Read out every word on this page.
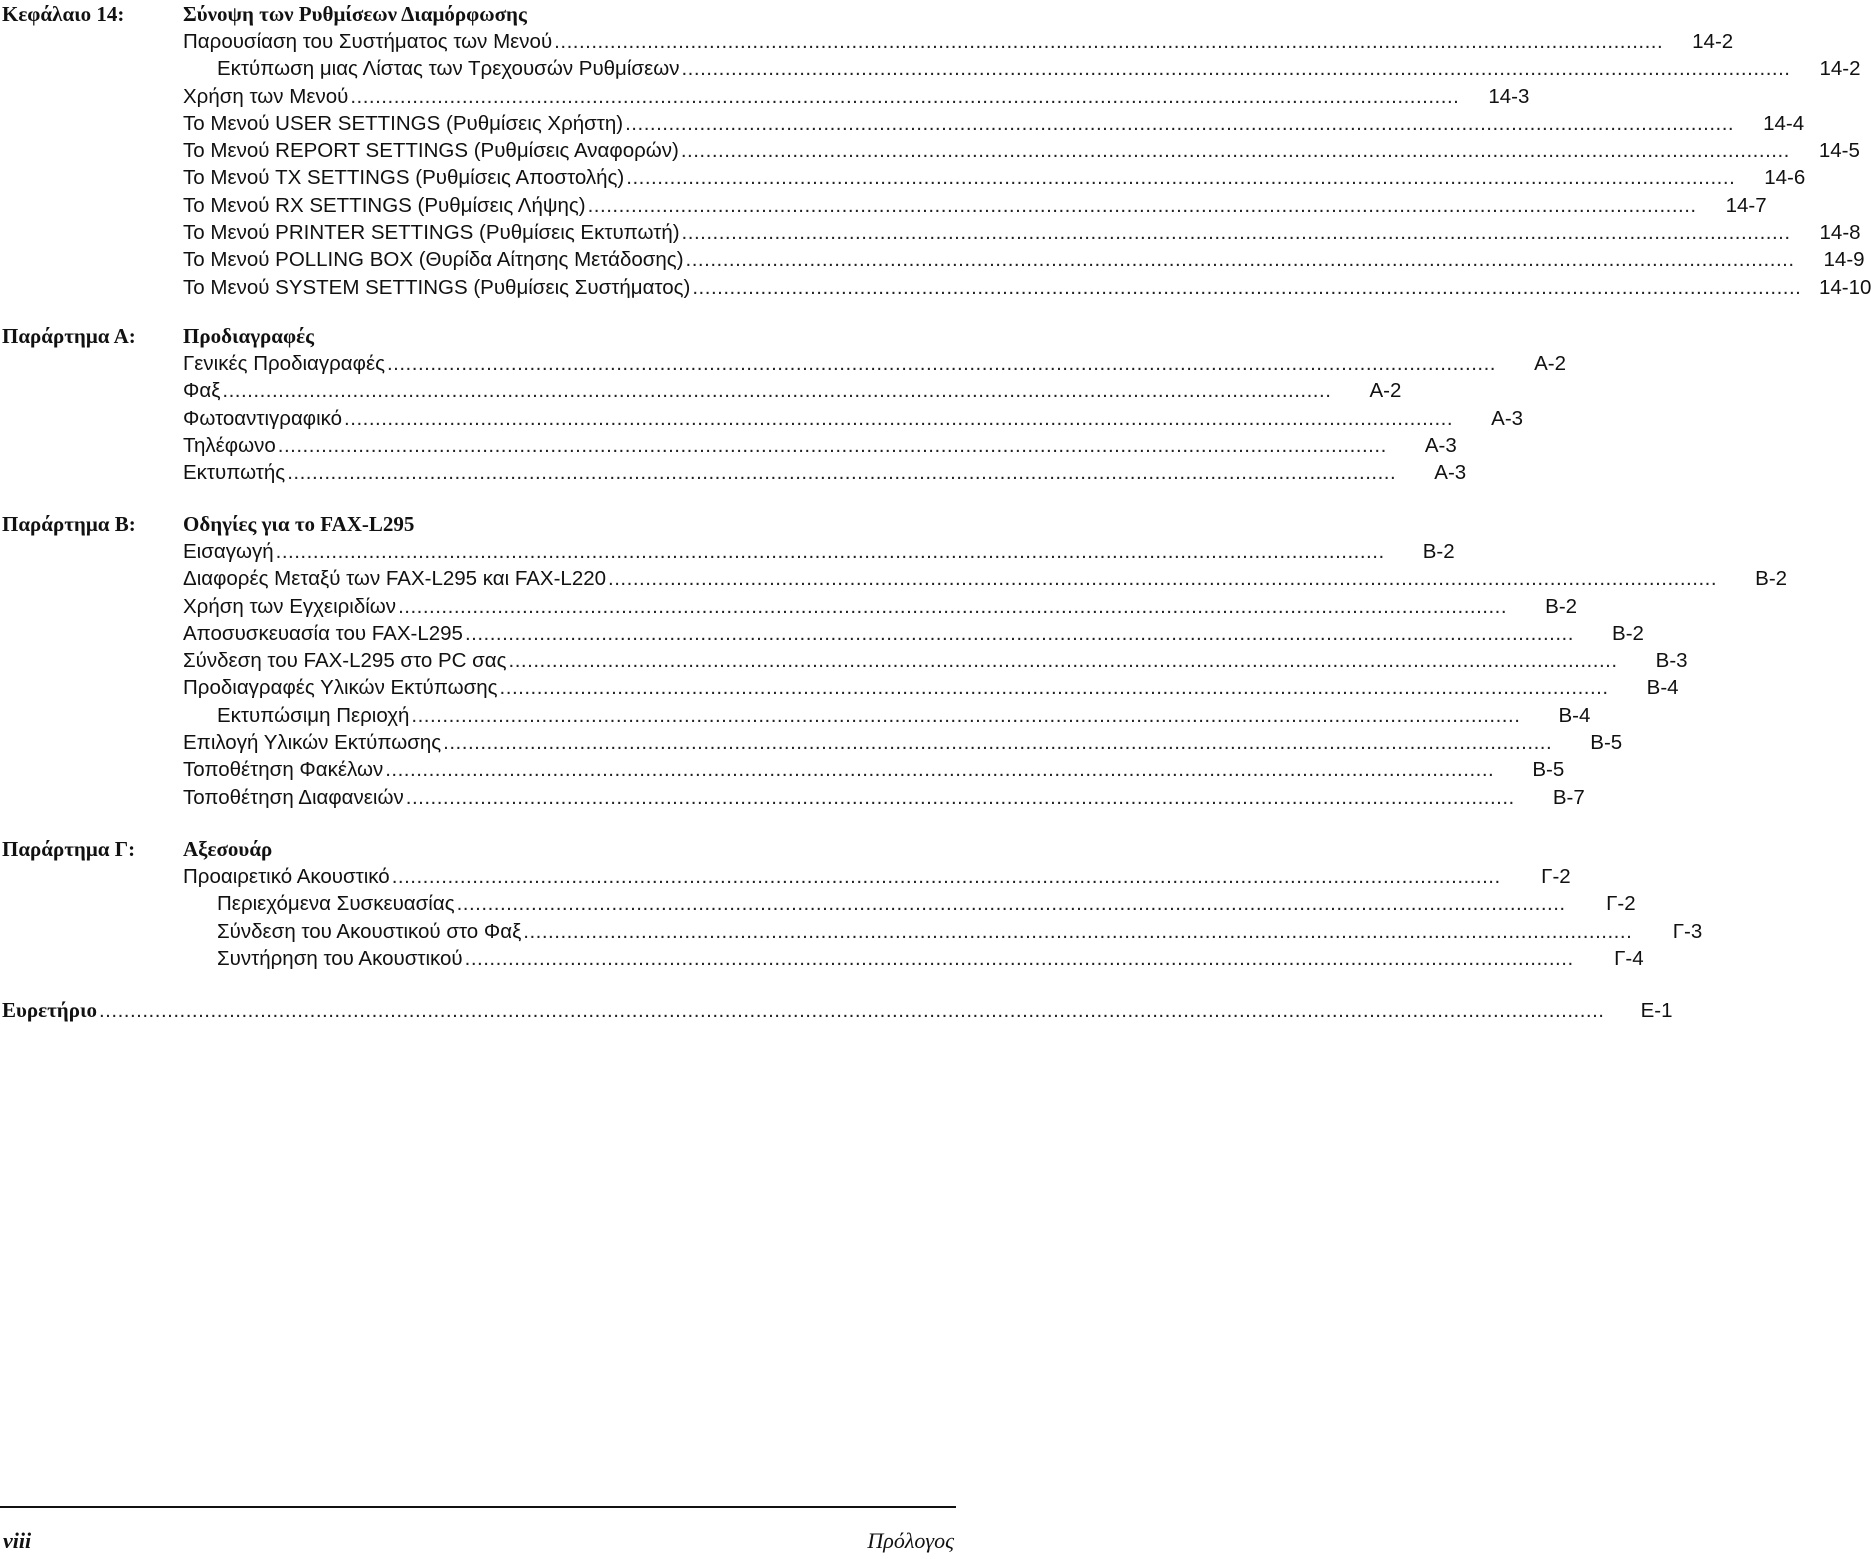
Κεφάλαιο 14:	Σύνοψη των Ρυθμίσεων Διαμόρφωσης
Παρουσίαση του Συστήματος των Μενού .....	14-2
Εκτύπωση μιας Λίστας των Τρεχουσών Ρυθμίσεων .....	14-2
Χρήση των Μενού .....	14-3
Το Μενού USER SETTINGS (Ρυθμίσεις Χρήστη) .....	14-4
Το Μενού REPORT SETTINGS (Ρυθμίσεις Αναφορών) .....	14-5
Το Μενού TX SETTINGS (Ρυθμίσεις Αποστολής) .....	14-6
Το Μενού RX SETTINGS (Ρυθμίσεις Λήψης) .....	14-7
Το Μενού PRINTER SETTINGS (Ρυθμίσεις Εκτυπωτή) .....	14-8
Το Μενού POLLING BOX (Θυρίδα Αίτησης Μετάδοσης) .....	14-9
Το Μενού SYSTEM SETTINGS (Ρυθμίσεις Συστήματος) .....	14-10
Παράρτημα Α: Προδιαγραφές
Γενικές Προδιαγραφές .....	Α-2
Φαξ .....	Α-2
Φωτοαντιγραφικό .....	Α-3
Τηλέφωνο .....	Α-3
Εκτυπωτής .....	Α-3
Παράρτημα Β: Οδηγίες για το FAX-L295
Εισαγωγή .....	Β-2
Διαφορές Μεταξύ των FAX-L295 και FAX-L220 .....	Β-2
Χρήση των Εγχειριδίων .....	Β-2
Αποσυσκευασία του FAX-L295 .....	Β-2
Σύνδεση του FAX-L295 στο PC σας .....	Β-3
Προδιαγραφές Υλικών Εκτύπωσης .....	Β-4
Εκτυπώσιμη Περιοχή .....	Β-4
Επιλογή Υλικών Εκτύπωσης .....	Β-5
Τοποθέτηση Φακέλων .....	Β-5
Τοποθέτηση Διαφανειών .....	Β-7
Παράρτημα Γ: Αξεσουάρ
Προαιρετικό Ακουστικό .....	Γ-2
Περιεχόμενα Συσκευασίας .....	Γ-2
Σύνδεση του Ακουστικού στο Φαξ .....	Γ-3
Συντήρηση του Ακουστικού .....	Γ-4
Ευρετήριο .....	Ε-1
viii	Πρόλογος
